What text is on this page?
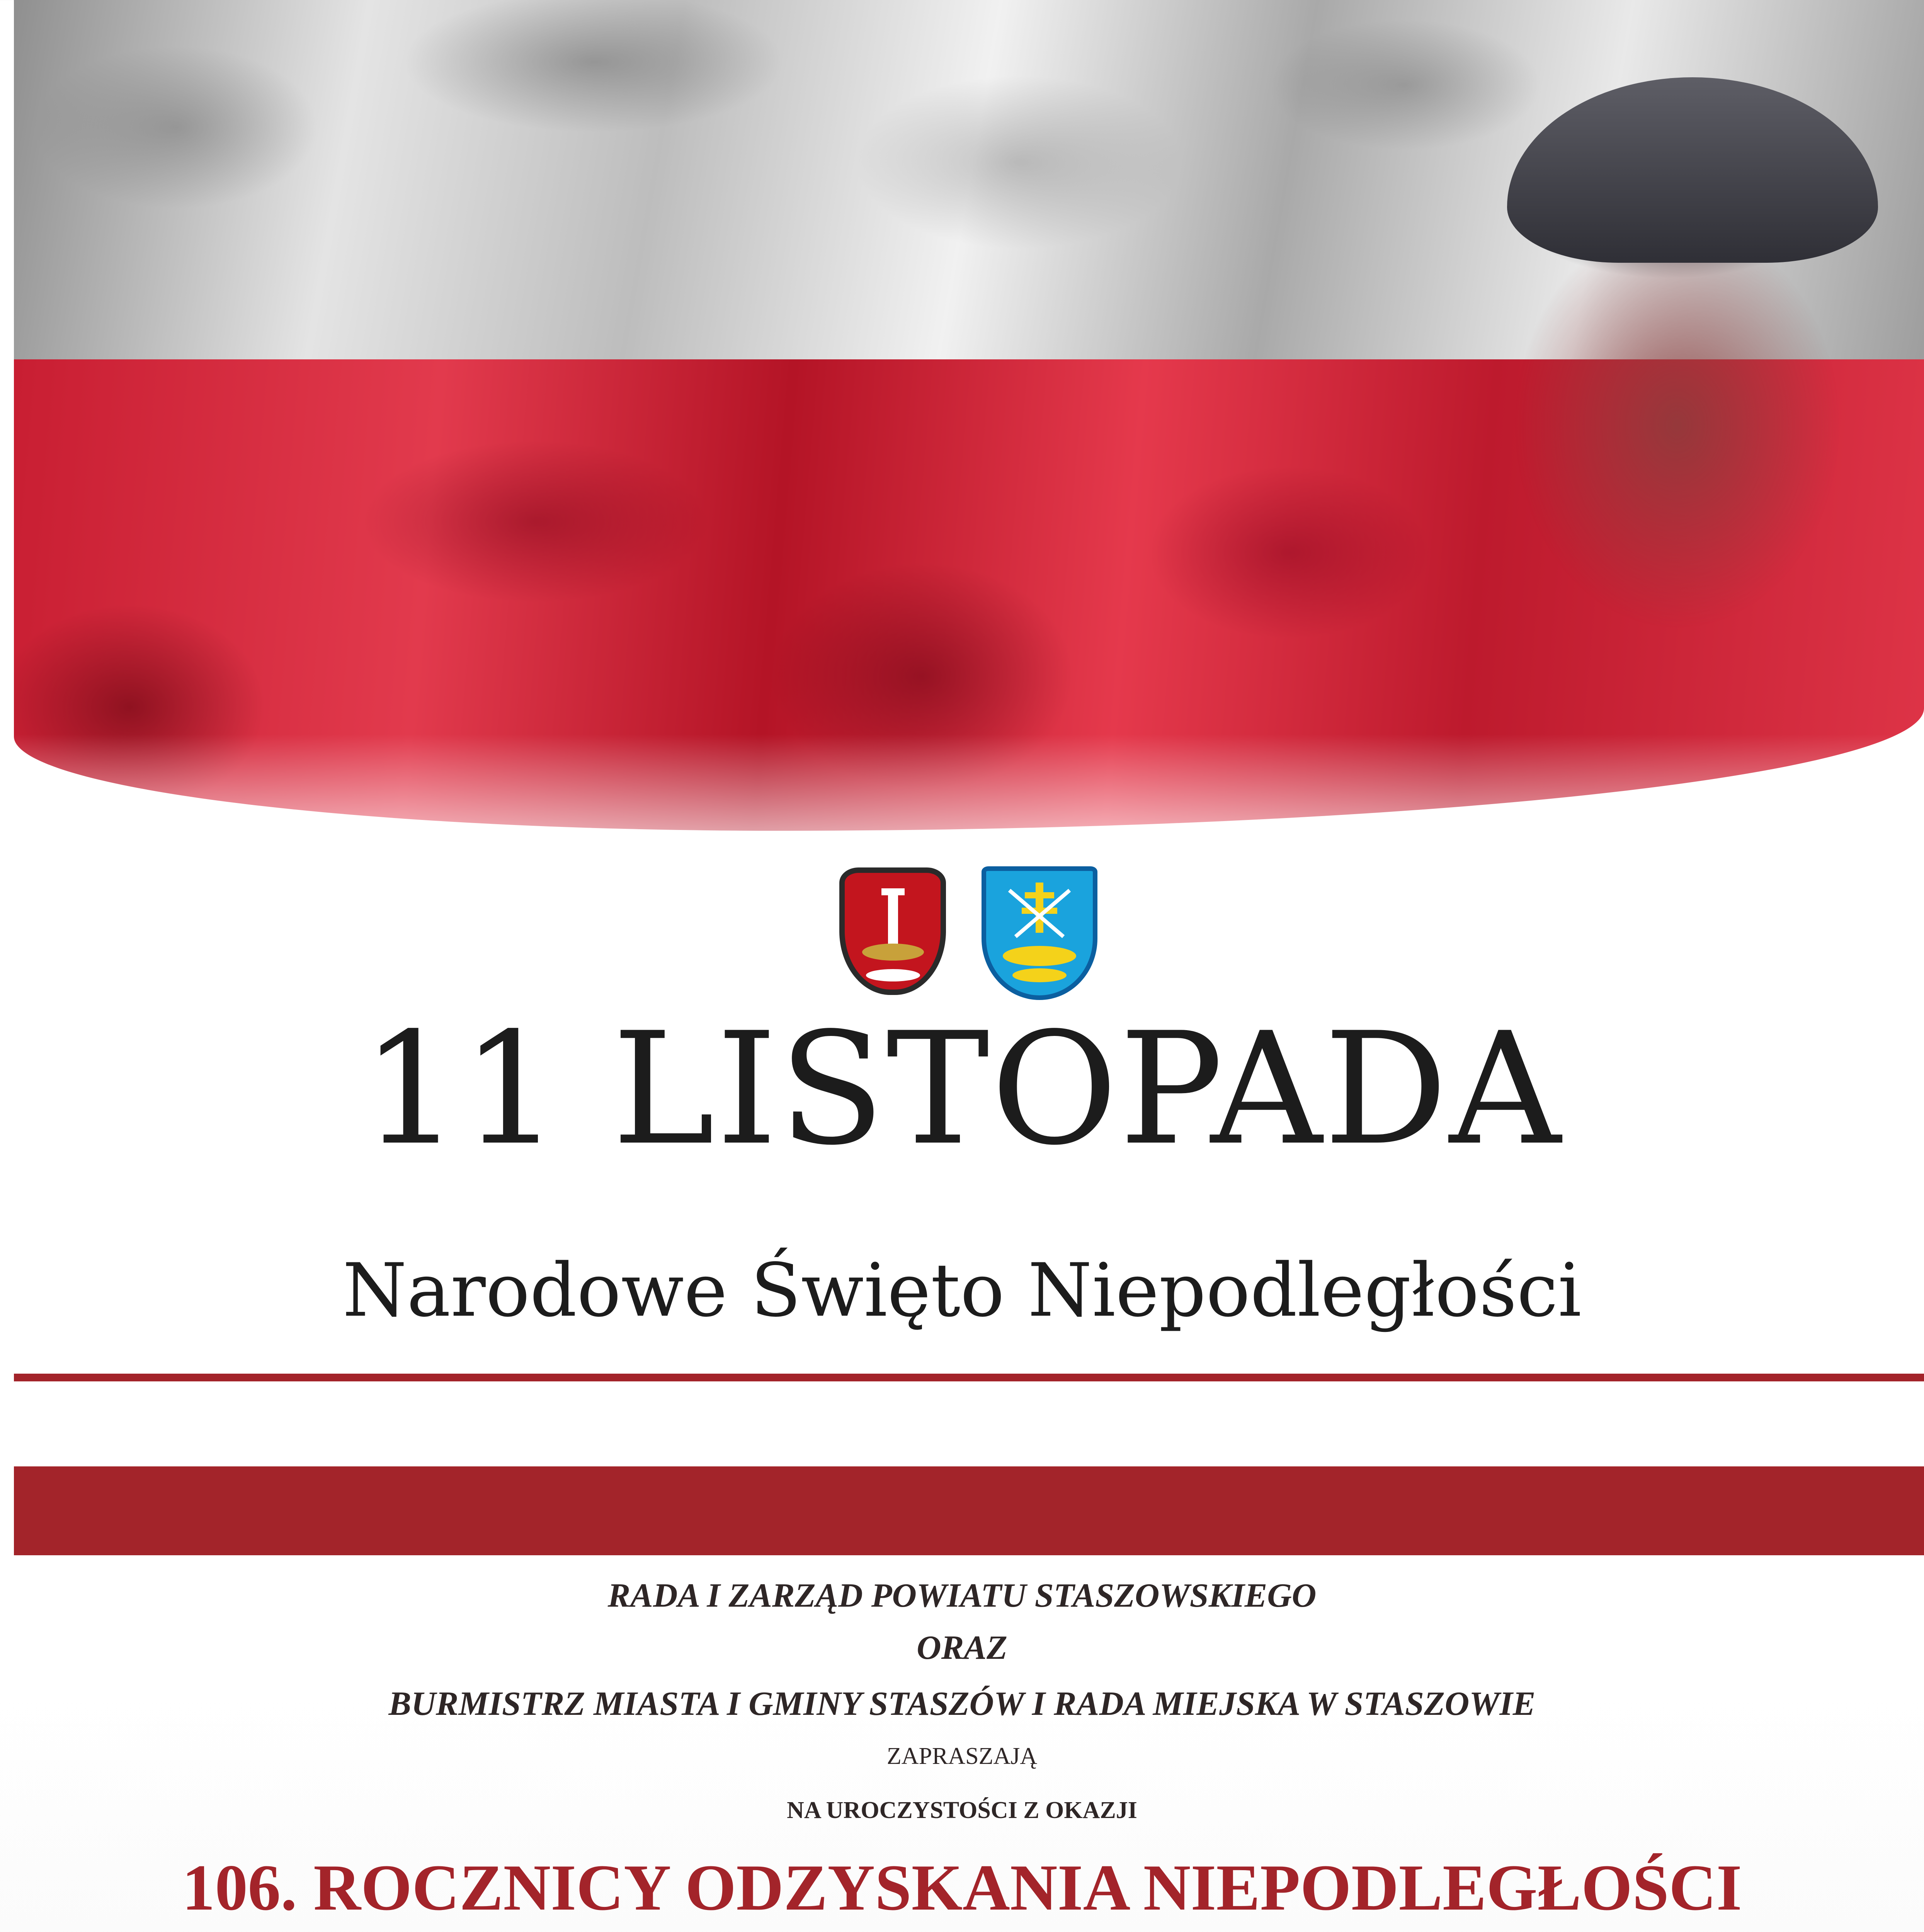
11 LISTOPADA
Narodowe Święto Niepodległości
RADA I ZARZĄD POWIATU STASZOWSKIEGO
ORAZ
BURMISTRZ MIASTA I GMINY STASZÓW I RADA MIEJSKA W STASZOWIE
ZAPRASZAJĄ
NA UROCZYSTOŚCI Z OKAZJI
106. ROCZNICY ODZYSKANIA NIEPODLEGŁOŚCI
